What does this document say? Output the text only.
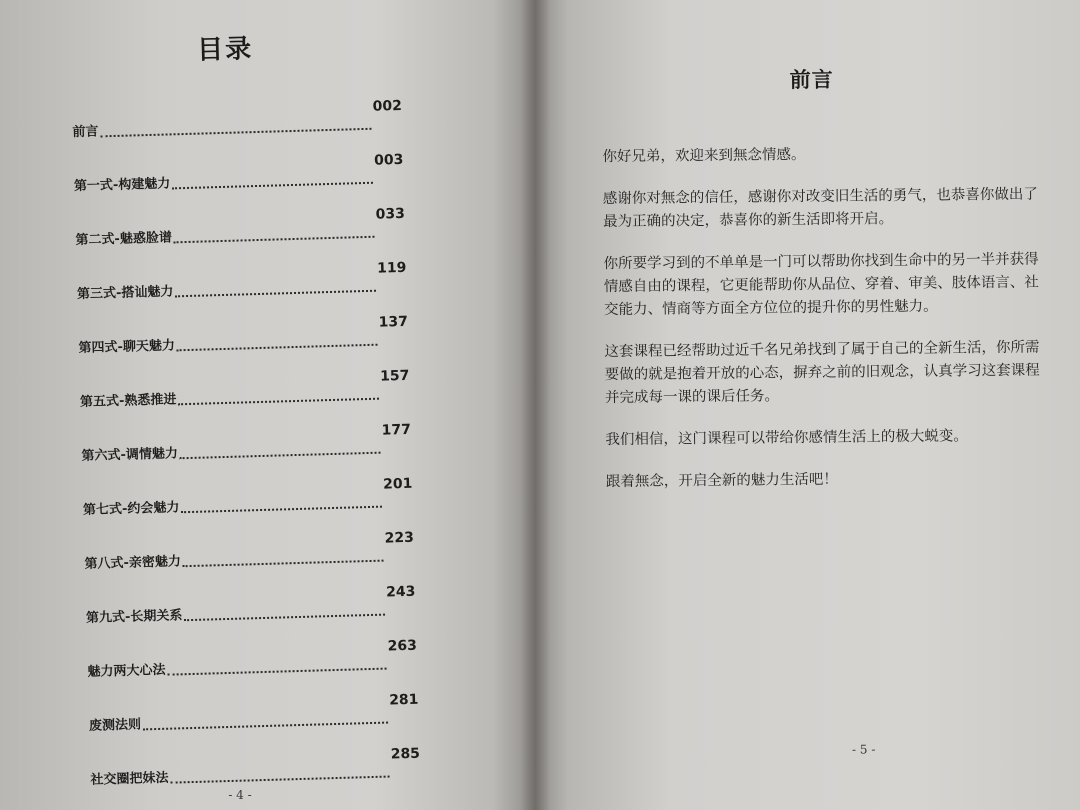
目录
前言
002
第一式-构建魅力
003
第二式-魅惑脸谱
033
第三式-搭讪魅力
119
第四式-聊天魅力
137
第五式-熟悉推进
157
第六式-调情魅力
177
第七式-约会魅力
201
第八式-亲密魅力
223
第九式-长期关系
243
魅力两大心法
263
废测法则
281
社交圈把妹法
285
- 4 -
前言

你好兄弟，欢迎来到無念情感。

感谢你对無念的信任，感谢你对改变旧生活的勇气，也恭喜你做出了最为正确的决定，恭喜你的新生活即将开启。

你所要学习到的不单单是一门可以帮助你找到生命中的另一半并获得情感自由的课程，它更能帮助你从品位、穿着、审美、肢体语言、社交能力、情商等方面全方位位的提升你的男性魅力。

这套课程已经帮助过近千名兄弟找到了属于自己的全新生活，你所需要做的就是抱着开放的心态，摒弃之前的旧观念，认真学习这套课程并完成每一课的课后任务。

我们相信，这门课程可以带给你感情生活上的极大蜕变。

跟着無念，开启全新的魅力生活吧！

- 5 -
